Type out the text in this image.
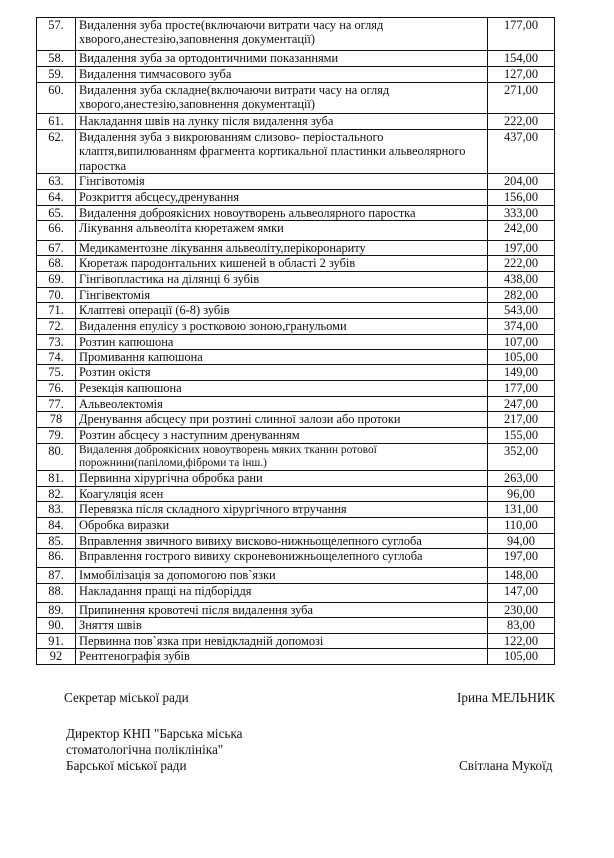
57.	Видалення зуба просте(включаючи витрати часу на огляд
хворого,анестезію,заповнення документації)	177,00
58.	Видалення зуба за ортодонтичними показаннями	154,00
59.	Видалення тимчасового зуба	127,00
60.	Видалення зуба складне(включаючи витрати часу на огляд
хворого,анестезію,заповнення документації)	271,00
61.	Накладання швів на лунку після видалення зуба	222,00
62.	Видалення зуба з викроюванням слизово- періостального
клаптя,випилюванням фрагмента кортикальної пластинки альвеолярного
паростка	437,00
63.	Гінгівотомія	204,00
64.	Розкриття абсцесу,дренування	156,00
65.	Видалення доброякісних новоутворень альвеолярного паростка	333,00
66.	Лікування альвеоліта кюретажем ямки	242,00
67.	Медикаментозне лікування альвеоліту,перікоронариту	197,00
68.	Кюретаж пародонтальних кишеней в області 2 зубів	222,00
69.	Гінгівопластика на ділянці 6 зубів	438,00
70.	Гінгівектомія	282,00
71.	Клаптеві операції (6-8) зубів	543,00
72.	Видалення епулісу з ростковою зоною,гранульоми	374,00
73.	Розтин капюшона	107,00
74.	Промивання капюшона	105,00
75.	Розтин окістя	149,00
76.	Резекція капюшона	177,00
77.	Альвеолектомія	247,00
78	Дренування абсцесу при розтині слинної залози або протоки	217,00
79.	Розтин абсцесу з наступним дренуванням	155,00
80.	Видалення доброякісних новоутворень мяких тканин ротової
порожнини(папіломи,фіброми та інш.)	352,00
81.	Первинна хірургічна обробка рани	263,00
82.	Коагуляція ясен	96,00
83.	Перевязка після складного хірургічного втручання	131,00
84.	Обробка виразки	110,00
85.	Вправлення звичного вивиху висково-нижньощелепного суглоба	94,00
86.	Вправлення гострого вивиху скроневонижньощелепного суглоба	197,00
87.	Іммобілізація за допомогою пов`язки	148,00
88.	Накладання пращі на підборіддя	147,00
89.	Припинення кровотечі після видалення зуба	230,00
90.	Зняття швів	83,00
91.	Первинна пов`язка при невідкладній допомозі	122,00
92	Рентгенографія зубів	105,00
Секретар міської ради	Ірина МЕЛЬНИК
Директор КНП "Барська міська
стоматологічна поліклініка"
Барської міської ради	Світлана Мукоїд
